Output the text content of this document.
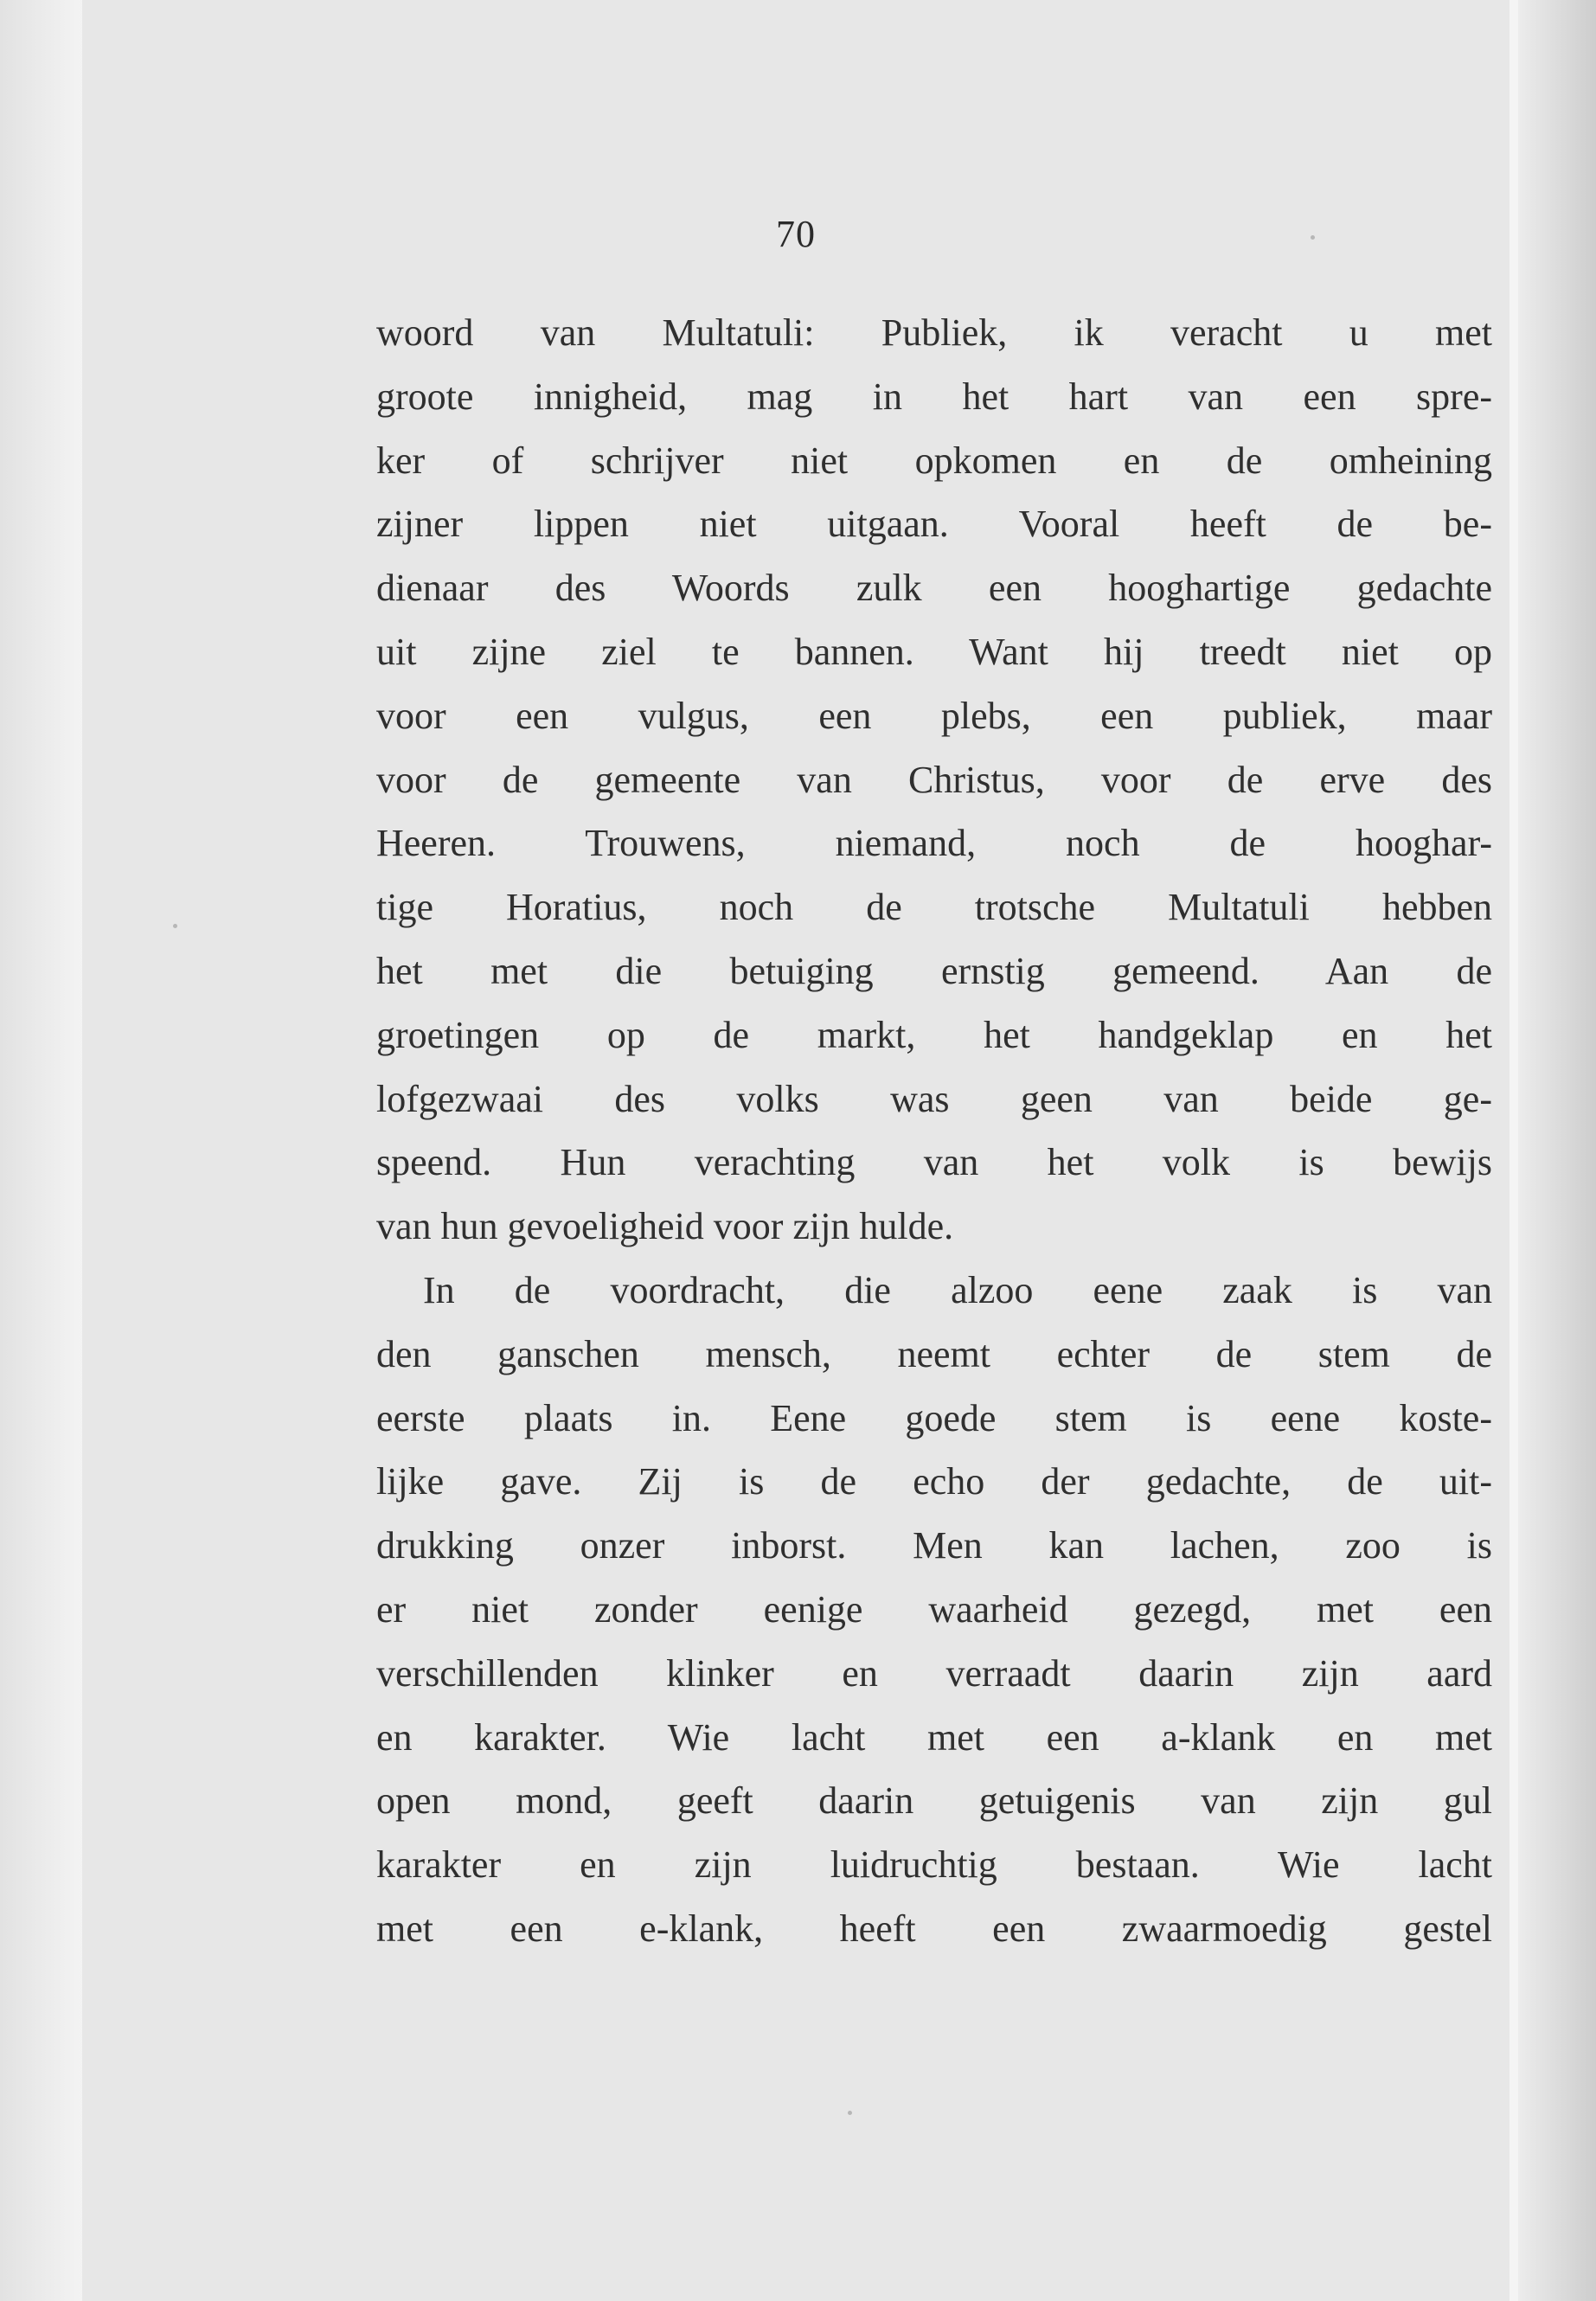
70
woord van Multatuli: Publiek, ik veracht u met
groote innigheid, mag in het hart van een spre-
ker of schrijver niet opkomen en de omheining
zijner lippen niet uitgaan. Vooral heeft de be-
dienaar des Woords zulk een hooghartige gedachte
uit zijne ziel te bannen. Want hij treedt niet op
voor een vulgus, een plebs, een publiek, maar
voor de gemeente van Christus, voor de erve des
Heeren. Trouwens, niemand, noch de hooghar-
tige Horatius, noch de trotsche Multatuli hebben
het met die betuiging ernstig gemeend. Aan de
groetingen op de markt, het handgeklap en het
lofgezwaai des volks was geen van beide ge-
speend. Hun verachting van het volk is bewijs
van hun gevoeligheid voor zijn hulde.
In de voordracht, die alzoo eene zaak is van
den ganschen mensch, neemt echter de stem de
eerste plaats in. Eene goede stem is eene koste-
lijke gave. Zij is de echo der gedachte, de uit-
drukking onzer inborst. Men kan lachen, zoo is
er niet zonder eenige waarheid gezegd, met een
verschillenden klinker en verraadt daarin zijn aard
en karakter. Wie lacht met een a-klank en met
open mond, geeft daarin getuigenis van zijn gul
karakter en zijn luidruchtig bestaan. Wie lacht
met een e-klank, heeft een zwaarmoedig gestel
